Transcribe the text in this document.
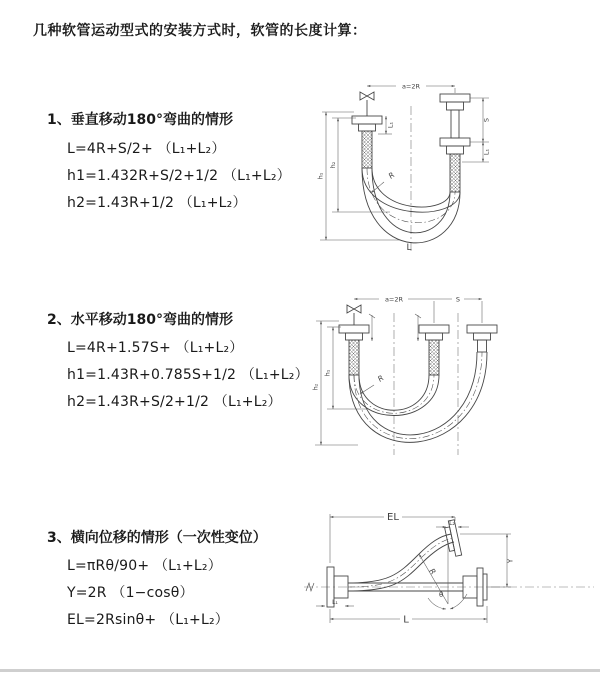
几种软管运动型式的安装方式时，软管的长度计算：
1、垂直移动180°弯曲的情形
L=4R+S/2+ （L₁+L₂）
h1=1.432R+S/2+1/2 （L₁+L₂）
h2=1.43R+1/2 （L₁+L₂）
a=2R
S
L₁
L₁
h₁
h₂
R
L
2、水平移动180°弯曲的情形
L=4R+1.57S+ （L₁+L₂）
h1=1.43R+0.785S+1/2 （L₁+L₂）
h2=1.43R+S/2+1/2 （L₁+L₂）
a=2R	S
h₂
h₁
R
3、横向位移的情形（一次性变位）
L=πRθ/90+ （L₁+L₂）
Y=2R （1−cosθ）
EL=2Rsinθ+ （L₁+L₂）
EL
L₂
Y
L
L₁
R
θ
